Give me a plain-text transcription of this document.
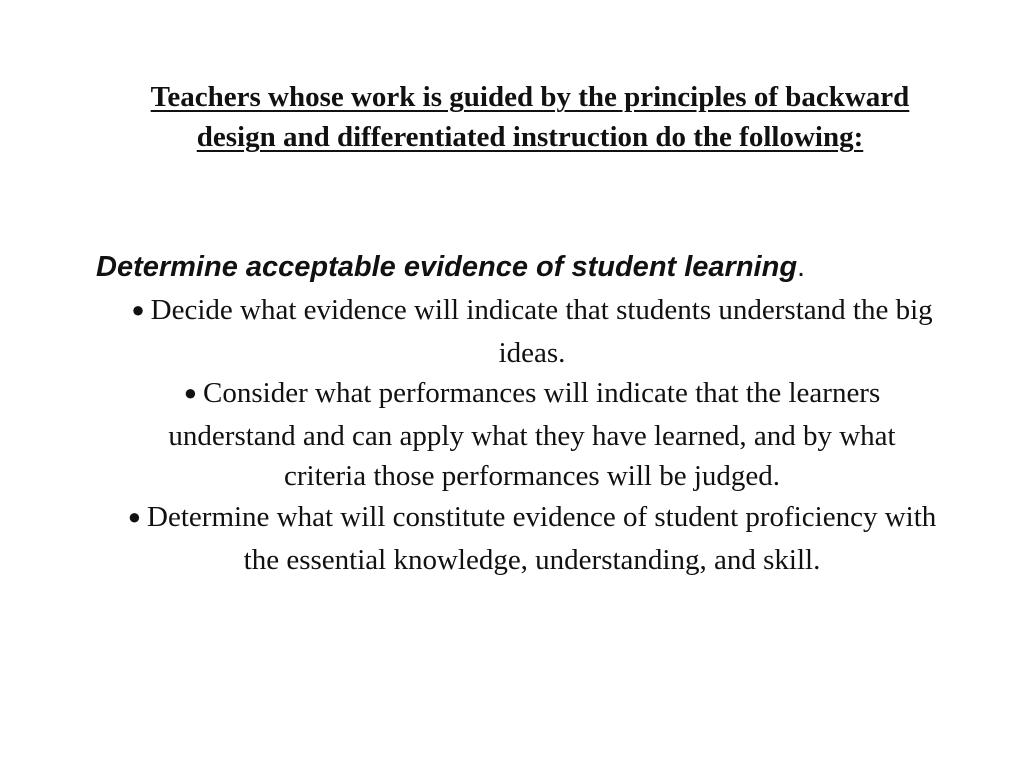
Teachers whose work is guided by the principles of backward design and differentiated instruction do the following:

Determine acceptable evidence of student learning.

● Decide what evidence will indicate that students understand the big ideas.
● Consider what performances will indicate that the learners understand and can apply what they have learned, and by what criteria those performances will be judged.
● Determine what will constitute evidence of student proficiency with the essential knowledge, understanding, and skill.
